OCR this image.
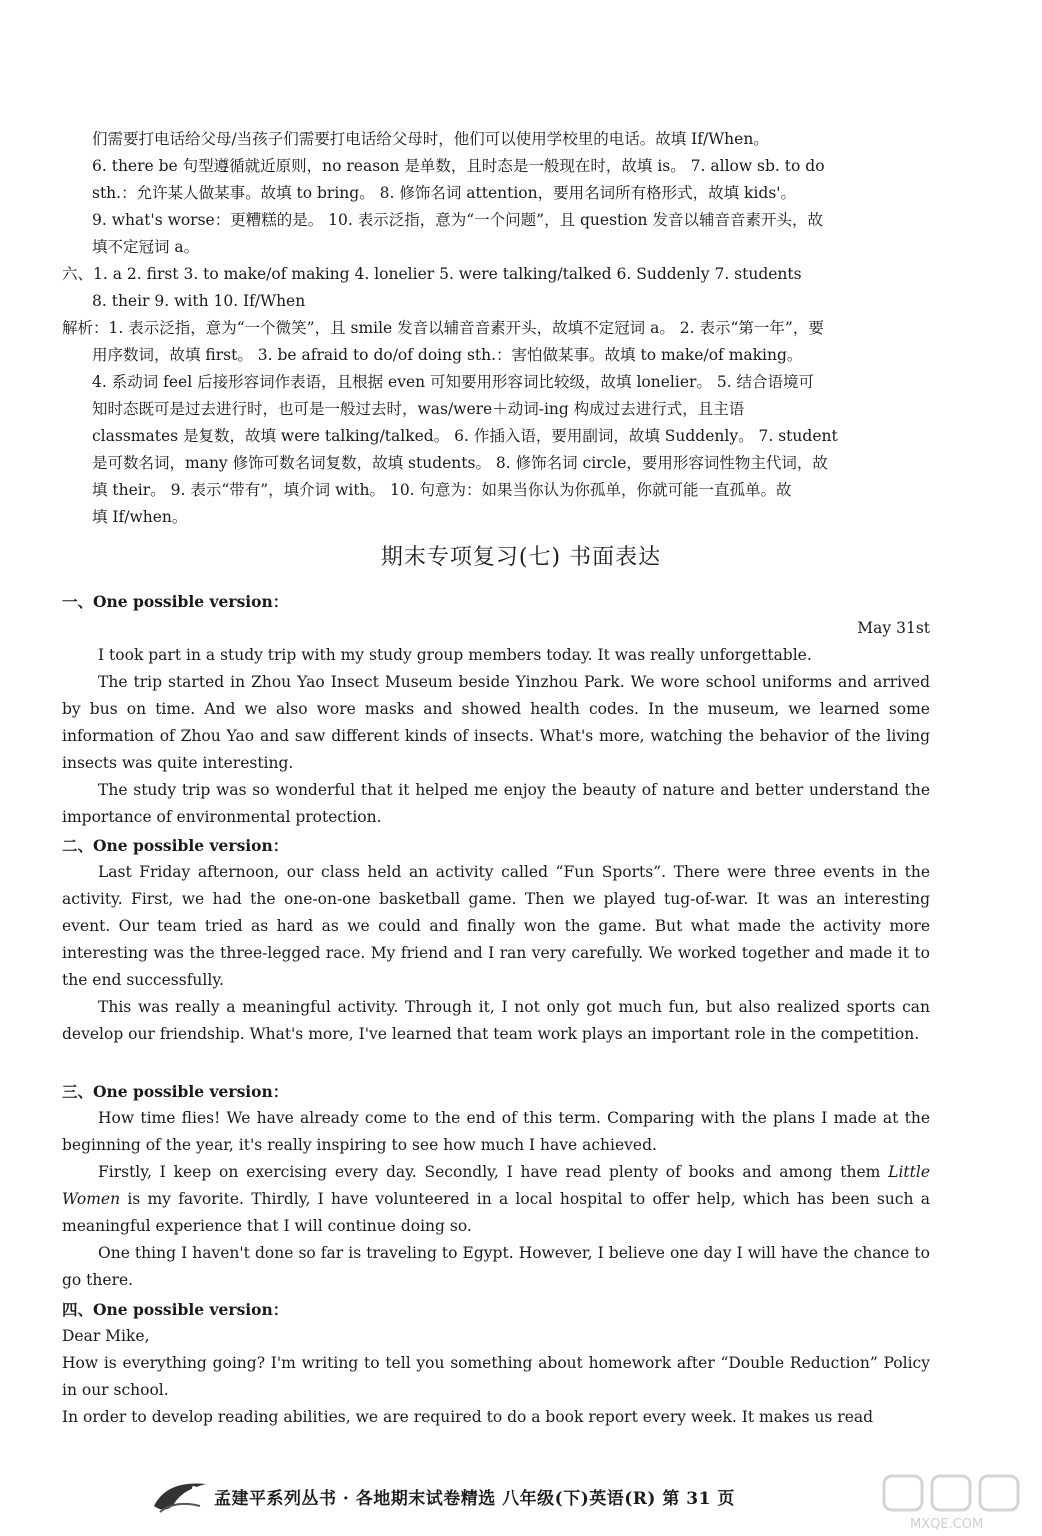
们需要打电话给父母/当孩子们需要打电话给父母时，他们可以使用学校里的电话。故填 If/When。
6. there be 句型遵循就近原则，no reason 是单数，且时态是一般现在时，故填 is。 7. allow sb. to do
sth.：允许某人做某事。故填 to bring。 8. 修饰名词 attention，要用名词所有格形式，故填 kids'。
9. what's worse：更糟糕的是。 10. 表示泛指，意为“一个问题”，且 question 发音以辅音音素开头，故
填不定冠词 a。
六、1. a 2. first 3. to make/of making 4. lonelier 5. were talking/talked 6. Suddenly 7. students
8. their 9. with 10. If/When
解析：1. 表示泛指，意为“一个微笑”，且 smile 发音以辅音音素开头，故填不定冠词 a。 2. 表示“第一年”，要
用序数词，故填 first。 3. be afraid to do/of doing sth.：害怕做某事。故填 to make/of making。
4. 系动词 feel 后接形容词作表语，且根据 even 可知要用形容词比较级，故填 lonelier。 5. 结合语境可
知时态既可是过去进行时，也可是一般过去时，was/were＋动词-ing 构成过去进行式，且主语
classmates 是复数，故填 were talking/talked。 6. 作插入语，要用副词，故填 Suddenly。 7. student
是可数名词，many 修饰可数名词复数，故填 students。 8. 修饰名词 circle，要用形容词性物主代词，故
填 their。 9. 表示“带有”，填介词 with。 10. 句意为：如果当你认为你孤单，你就可能一直孤单。故
填 If/when。
期末专项复习(七) 书面表达

一、One possible version：

May 31st

I took part in a study trip with my study group members today. It was really unforgettable.

The trip started in Zhou Yao Insect Museum beside Yinzhou Park. We wore school uniforms and arrived by bus on time. And we also wore masks and showed health codes. In the museum, we learned some information of Zhou Yao and saw different kinds of insects. What's more, watching the behavior of the living insects was quite interesting.

The study trip was so wonderful that it helped me enjoy the beauty of nature and better understand the importance of environmental protection.

二、One possible version：

Last Friday afternoon, our class held an activity called “Fun Sports”. There were three events in the activity. First, we had the one-on-one basketball game. Then we played tug-of-war. It was an interesting event. Our team tried as hard as we could and finally won the game. But what made the activity more interesting was the three-legged race. My friend and I ran very carefully. We worked together and made it to the end successfully.

This was really a meaningful activity. Through it, I not only got much fun, but also realized sports can develop our friendship. What's more, I've learned that team work plays an important role in the competition.

三、One possible version：

How time flies! We have already come to the end of this term. Comparing with the plans I made at the beginning of the year, it's really inspiring to see how much I have achieved.

Firstly, I keep on exercising every day. Secondly, I have read plenty of books and among them Little Women is my favorite. Thirdly, I have volunteered in a local hospital to offer help, which has been such a meaningful experience that I will continue doing so.

One thing I haven't done so far is traveling to Egypt. However, I believe one day I will have the chance to go there.

四、One possible version：

Dear Mike,

How is everything going? I'm writing to tell you something about homework after “Double Reduction” Policy in our school.

In order to develop reading abilities, we are required to do a book report every week. It makes us read

孟建平系列丛书 · 各地期末试卷精选 八年级(下)英语(R) 第 31 页
MXQE.COM
